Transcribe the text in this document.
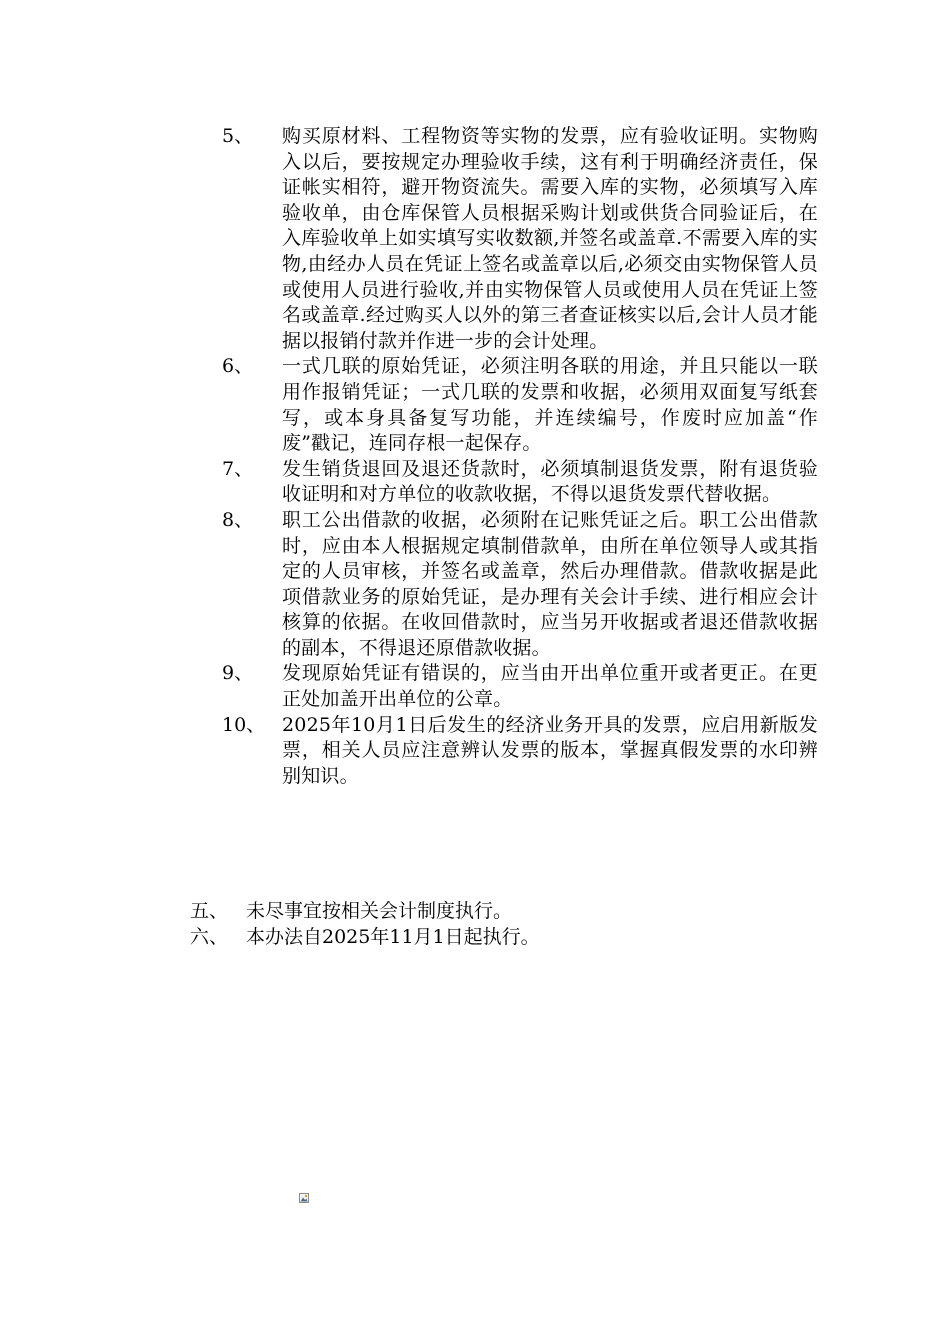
5、	购买原材料、工程物资等实物的发票，应有验收证明。实物购入以后，要按规定办理验收手续，这有利于明确经济责任，保证帐实相符，避开物资流失。需要入库的实物，必须填写入库验收单，由仓库保管人员根据采购计划或供货合同验证后，在入库验收单上如实填写实收数额,并签名或盖章.不需要入库的实物,由经办人员在凭证上签名或盖章以后,必须交由实物保管人员或使用人员进行验收,并由实物保管人员或使用人员在凭证上签名或盖章.经过购买人以外的第三者查证核实以后,会计人员才能据以报销付款并作进一步的会计处理。
6、	一式几联的原始凭证，必须注明各联的用途，并且只能以一联用作报销凭证；一式几联的发票和收据，必须用双面复写纸套写，或本身具备复写功能，并连续编号，作废时应加盖“作废”戳记，连同存根一起保存。
7、	发生销货退回及退还货款时，必须填制退货发票，附有退货验收证明和对方单位的收款收据，不得以退货发票代替收据。
8、	职工公出借款的收据，必须附在记账凭证之后。职工公出借款时，应由本人根据规定填制借款单，由所在单位领导人或其指定的人员审核，并签名或盖章，然后办理借款。借款收据是此项借款业务的原始凭证，是办理有关会计手续、进行相应会计核算的依据。在收回借款时，应当另开收据或者退还借款收据的副本，不得退还原借款收据。
9、	发现原始凭证有错误的，应当由开出单位重开或者更正。在更正处加盖开出单位的公章。
10、 2025年10月1日后发生的经济业务开具的发票，应启用新版发票，相关人员应注意辨认发票的版本，掌握真假发票的水印辨别知识。
五、 未尽事宜按相关会计制度执行。
六、 本办法自2025年11月1日起执行。
